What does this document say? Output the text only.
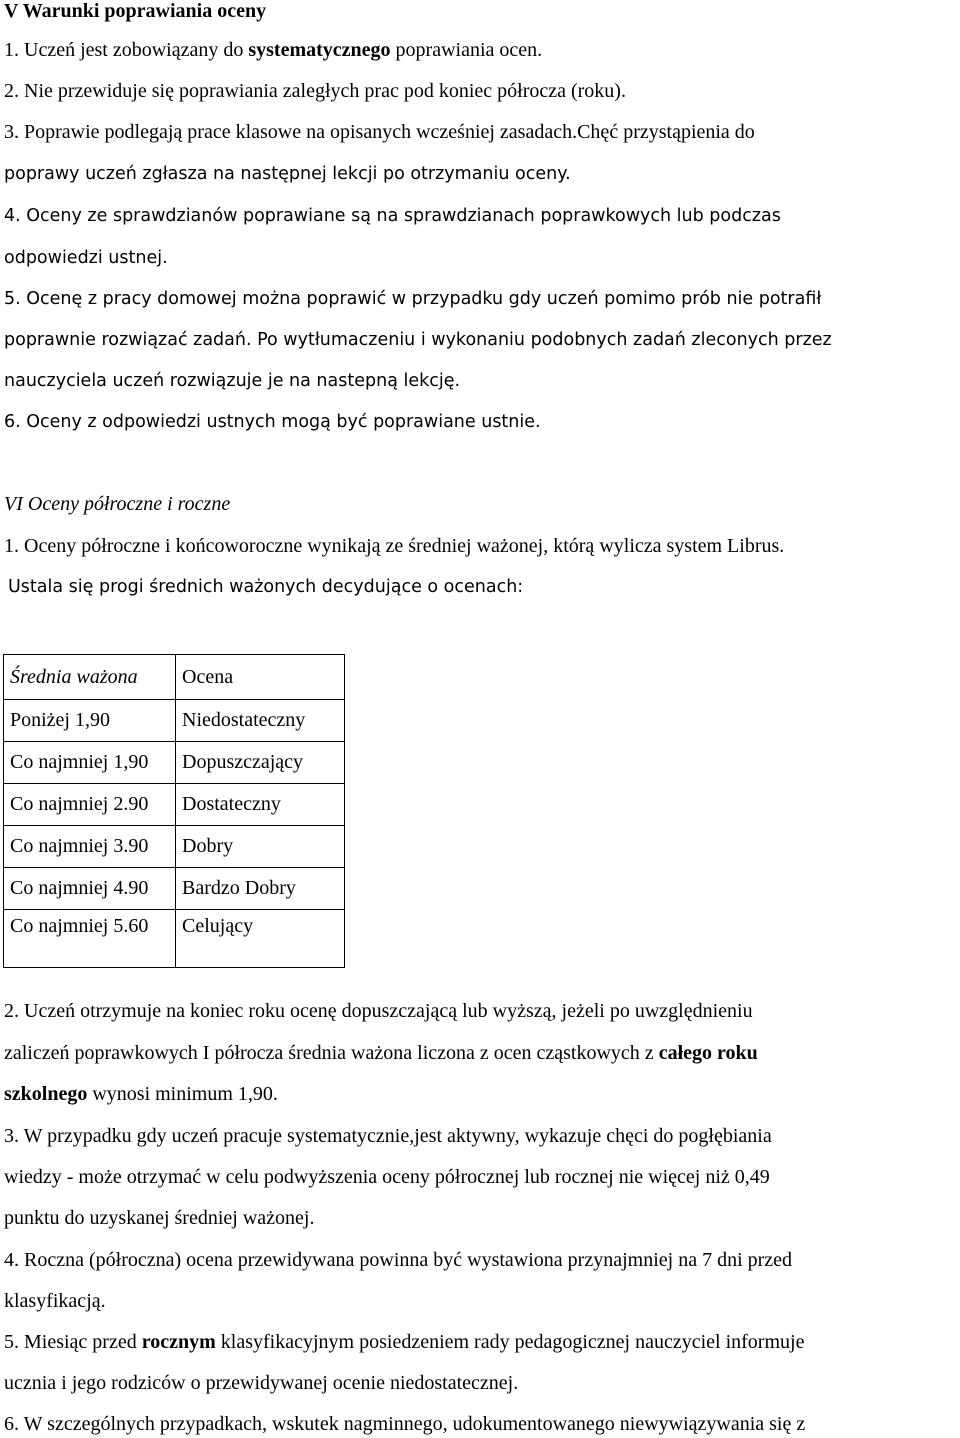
V Warunki poprawiania oceny
1. Uczeń jest zobowiązany do systematycznego poprawiania ocen.
2. Nie przewiduje się poprawiania zaległych prac pod koniec półrocza (roku).
3. Poprawie podlegają prace klasowe na opisanych wcześniej zasadach.Chęć przystąpienia do
poprawy uczeń zgłasza na następnej lekcji po otrzymaniu oceny.
4. Oceny ze sprawdzianów poprawiane są na sprawdzianach poprawkowych lub podczas
odpowiedzi ustnej.
5. Ocenę z pracy domowej można poprawić w przypadku gdy uczeń pomimo prób nie potrafił
poprawnie rozwiązać zadań. Po wytłumaczeniu i wykonaniu podobnych zadań zleconych przez
nauczyciela uczeń rozwiązuje je na nastepną lekcję.
6. Oceny z odpowiedzi ustnych mogą być poprawiane ustnie.
VI Oceny półroczne i roczne
1. Oceny półroczne i końcoworoczne wynikają ze średniej ważonej, którą wylicza system Librus.
Ustala się progi średnich ważonych decydujące o ocenach:
Średnia ważona	Ocena
Poniżej 1,90	Niedostateczny
Co najmniej 1,90	Dopuszczający
Co najmniej 2.90	Dostateczny
Co najmniej 3.90	Dobry
Co najmniej 4.90	Bardzo Dobry
Co najmniej 5.60	Celujący
2. Uczeń otrzymuje na koniec roku ocenę dopuszczającą lub wyższą, jeżeli po uwzględnieniu
zaliczeń poprawkowych I półrocza średnia ważona liczona z ocen cząstkowych z całego roku
szkolnego wynosi minimum 1,90.
3. W przypadku gdy uczeń pracuje systematycznie,jest aktywny, wykazuje chęci do pogłębiania
wiedzy - może otrzymać w celu podwyższenia oceny półrocznej lub rocznej nie więcej niż 0,49
punktu do uzyskanej średniej ważonej.
4. Roczna (półroczna) ocena przewidywana powinna być wystawiona przynajmniej na 7 dni przed
klasyfikacją.
5. Miesiąc przed rocznym klasyfikacyjnym posiedzeniem rady pedagogicznej nauczyciel informuje
ucznia i jego rodziców o przewidywanej ocenie niedostatecznej.
6. W szczególnych przypadkach, wskutek nagminnego, udokumentowanego niewywiązywania się z
